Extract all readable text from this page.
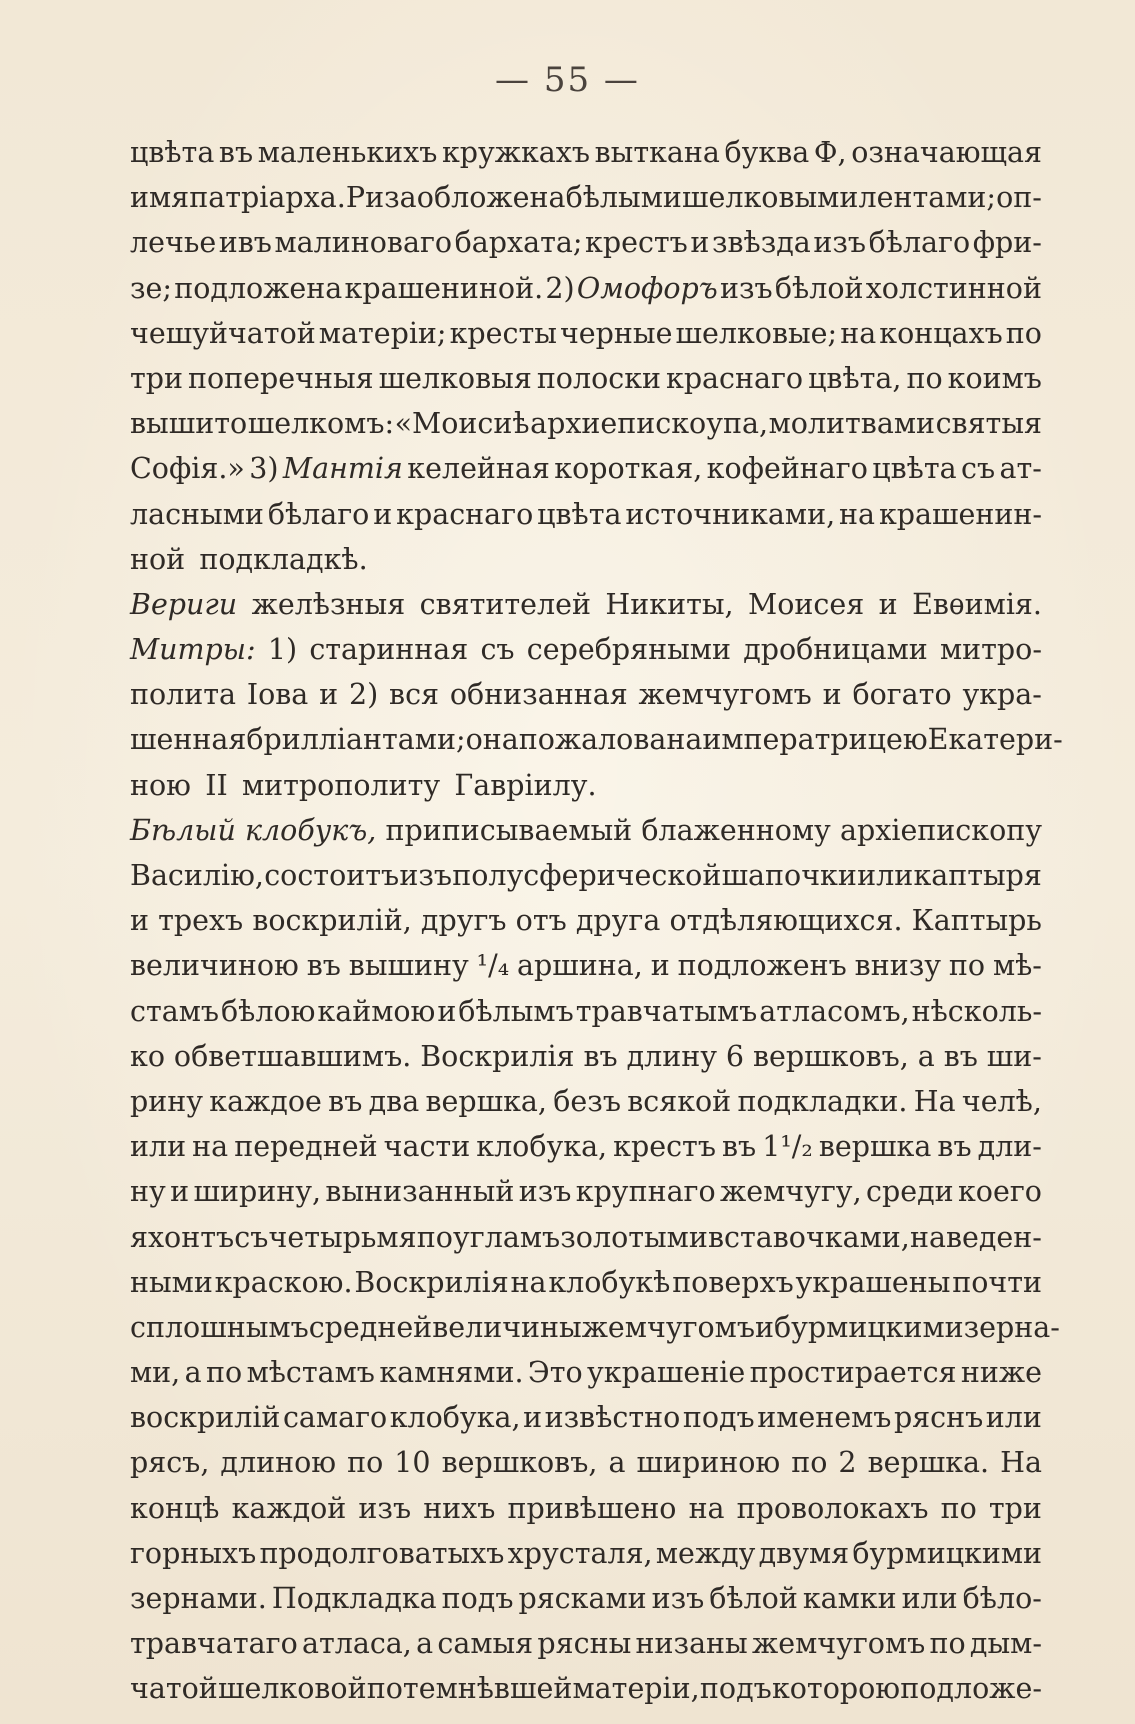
— 55 —
цвѣта въ маленькихъ кружкахъ выткана буква Ф, означающая
имя патріарха. Риза обложена бѣлыми шелковыми лентами; оп-
лечье ивъ малиноваго бархата; крестъ и звѣзда изъ бѣлаго фри-
зе; подложена крашениной. 2) Омофоръ изъ бѣлой холстинной
чешуйчатой матеріи; кресты черные шелковые; на концахъ по
три поперечныя шелковыя полоски краснаго цвѣта, по коимъ
вышито шелкомъ: «Моисиѣ архиепискоупа, молитвами святыя
Софія.» 3) Мантія келейная короткая, кофейнаго цвѣта съ ат-
ласными бѣлаго и краснаго цвѣта источниками, на крашенин-
ной подкладкѣ.
Вериги желѣзныя святителей Никиты, Моисея и Евѳимія.
Митры: 1) старинная съ серебряными дробницами митро-
полита Іова и 2) вся обнизанная жемчугомъ и богато укра-
шенная бриллiантами; она пожалована императрицею Екатери-
ною II митрополиту Гаврiилу.
Бѣлый клобукъ, приписываемый блаженному архіепископу
Василію, состоитъ изъ полусферической шапочки или каптыря
и трехъ воскрилій, другъ отъ друга отдѣляющихся. Каптырь
величиною въ вышину ¹/₄ аршина, и подложенъ внизу по мѣ-
стамъ бѣлою каймою и бѣлымъ травчатымъ атласомъ, нѣсколь-
ко обветшавшимъ. Воскрилія въ длину 6 вершковъ, а въ ши-
рину каждое въ два вершка, безъ всякой подкладки. На челѣ,
или на передней части клобука, крестъ въ 1¹/₂ вершка въ дли-
ну и ширину, вынизанный изъ крупнаго жемчугу, среди коего
яхонтъ съ четырьмя по угламъ золотыми вставочками, наведен-
ными краскою. Воскрилія на клобукѣ поверхъ украшены почти
сплошнымъ средней величины жемчугомъ и бурмицкими зерна-
ми, а по мѣстамъ камнями. Это украшеніе простирается ниже
воскрилій самаго клобука, и извѣстно подъ именемъ ряснъ или
рясъ, длиною по 10 вершковъ, а шириною по 2 вершка. На
концѣ каждой изъ нихъ привѣшено на проволокахъ по три
горныхъ продолговатыхъ хрусталя, между двумя бурмицкими
зернами. Подкладка подъ рясками изъ бѣлой камки или бѣло-
травчатаго атласа, а самыя рясны низаны жемчугомъ по дым-
чатой шелковой потемнѣвшей матеріи, подъ которою подложе-
